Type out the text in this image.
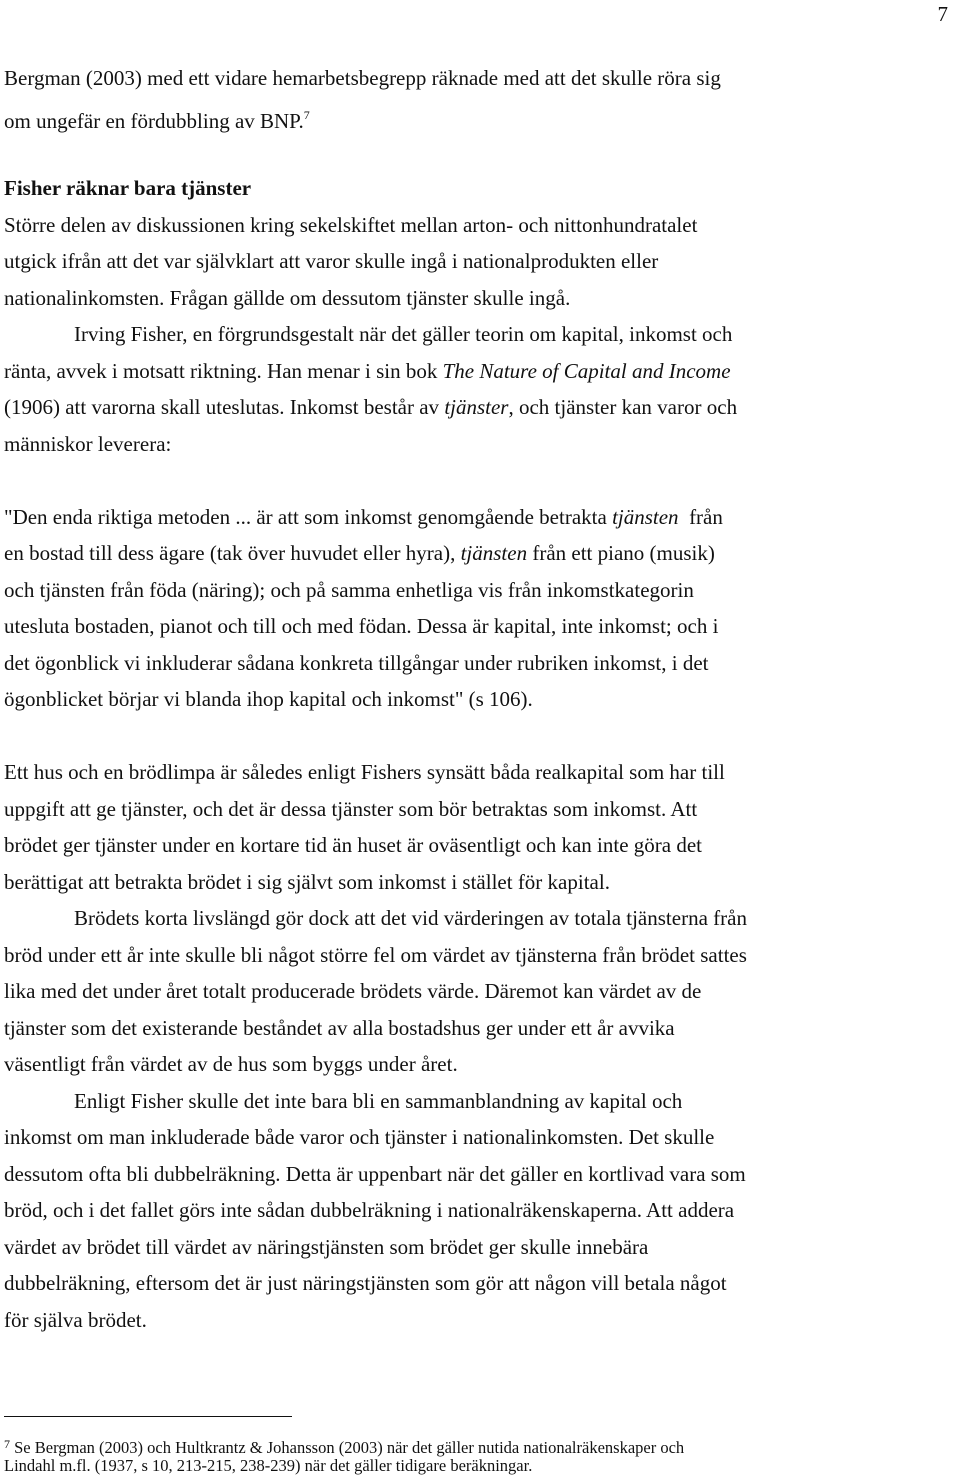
7
Bergman (2003) med ett vidare hemarbetsbegrepp räknade med att det skulle röra sig
om ungefär en fördubbling av BNP.$^7$
Fisher räknar bara tjänster
Större delen av diskussionen kring sekelskiftet mellan arton- och nittonhundratalet
utgick ifrån att det var självklart att varor skulle ingå i nationalprodukten eller
nationalinkomsten. Frågan gällde om dessutom tjänster skulle ingå.
Irving Fisher, en förgrundsgestalt när det gäller teorin om kapital, inkomst och
ränta, avvek i motsatt riktning. Han menar i sin bok The Nature of Capital and Income
(1906) att varorna skall uteslutas. Inkomst består av tjänster, och tjänster kan varor och
människor leverera:
"Den enda riktiga metoden ... är att som inkomst genomgående betrakta tjänsten  från
en bostad till dess ägare (tak över huvudet eller hyra), tjänsten från ett piano (musik)
och tjänsten från föda (näring); och på samma enhetliga vis från inkomstkategorin
utesluta bostaden, pianot och till och med födan. Dessa är kapital, inte inkomst; och i
det ögonblick vi inkluderar sådana konkreta tillgångar under rubriken inkomst, i det
ögonblicket börjar vi blanda ihop kapital och inkomst" (s 106).
Ett hus och en brödlimpa är således enligt Fishers synsätt båda realkapital som har till
uppgift att ge tjänster, och det är dessa tjänster som bör betraktas som inkomst. Att
brödet ger tjänster under en kortare tid än huset är oväsentligt och kan inte göra det
berättigat att betrakta brödet i sig självt som inkomst i stället för kapital.
Brödets korta livslängd gör dock att det vid värderingen av totala tjänsterna från
bröd under ett år inte skulle bli något större fel om värdet av tjänsterna från brödet sattes
lika med det under året totalt producerade brödets värde. Däremot kan värdet av de
tjänster som det existerande beståndet av alla bostadshus ger under ett år avvika
väsentligt från värdet av de hus som byggs under året.
Enligt Fisher skulle det inte bara bli en sammanblandning av kapital och
inkomst om man inkluderade både varor och tjänster i nationalinkomsten. Det skulle
dessutom ofta bli dubbelräkning. Detta är uppenbart när det gäller en kortlivad vara som
bröd, och i det fallet görs inte sådan dubbelräkning i nationalräkenskaperna. Att addera
värdet av brödet till värdet av näringstjänsten som brödet ger skulle innebära
dubbelräkning, eftersom det är just näringstjänsten som gör att någon vill betala något
för själva brödet.
$^7$ Se Bergman (2003) och Hultkrantz & Johansson (2003) när det gäller nutida nationalräkenskaper och
Lindahl m.fl. (1937, s 10, 213-215, 238-239) när det gäller tidigare beräkningar.
